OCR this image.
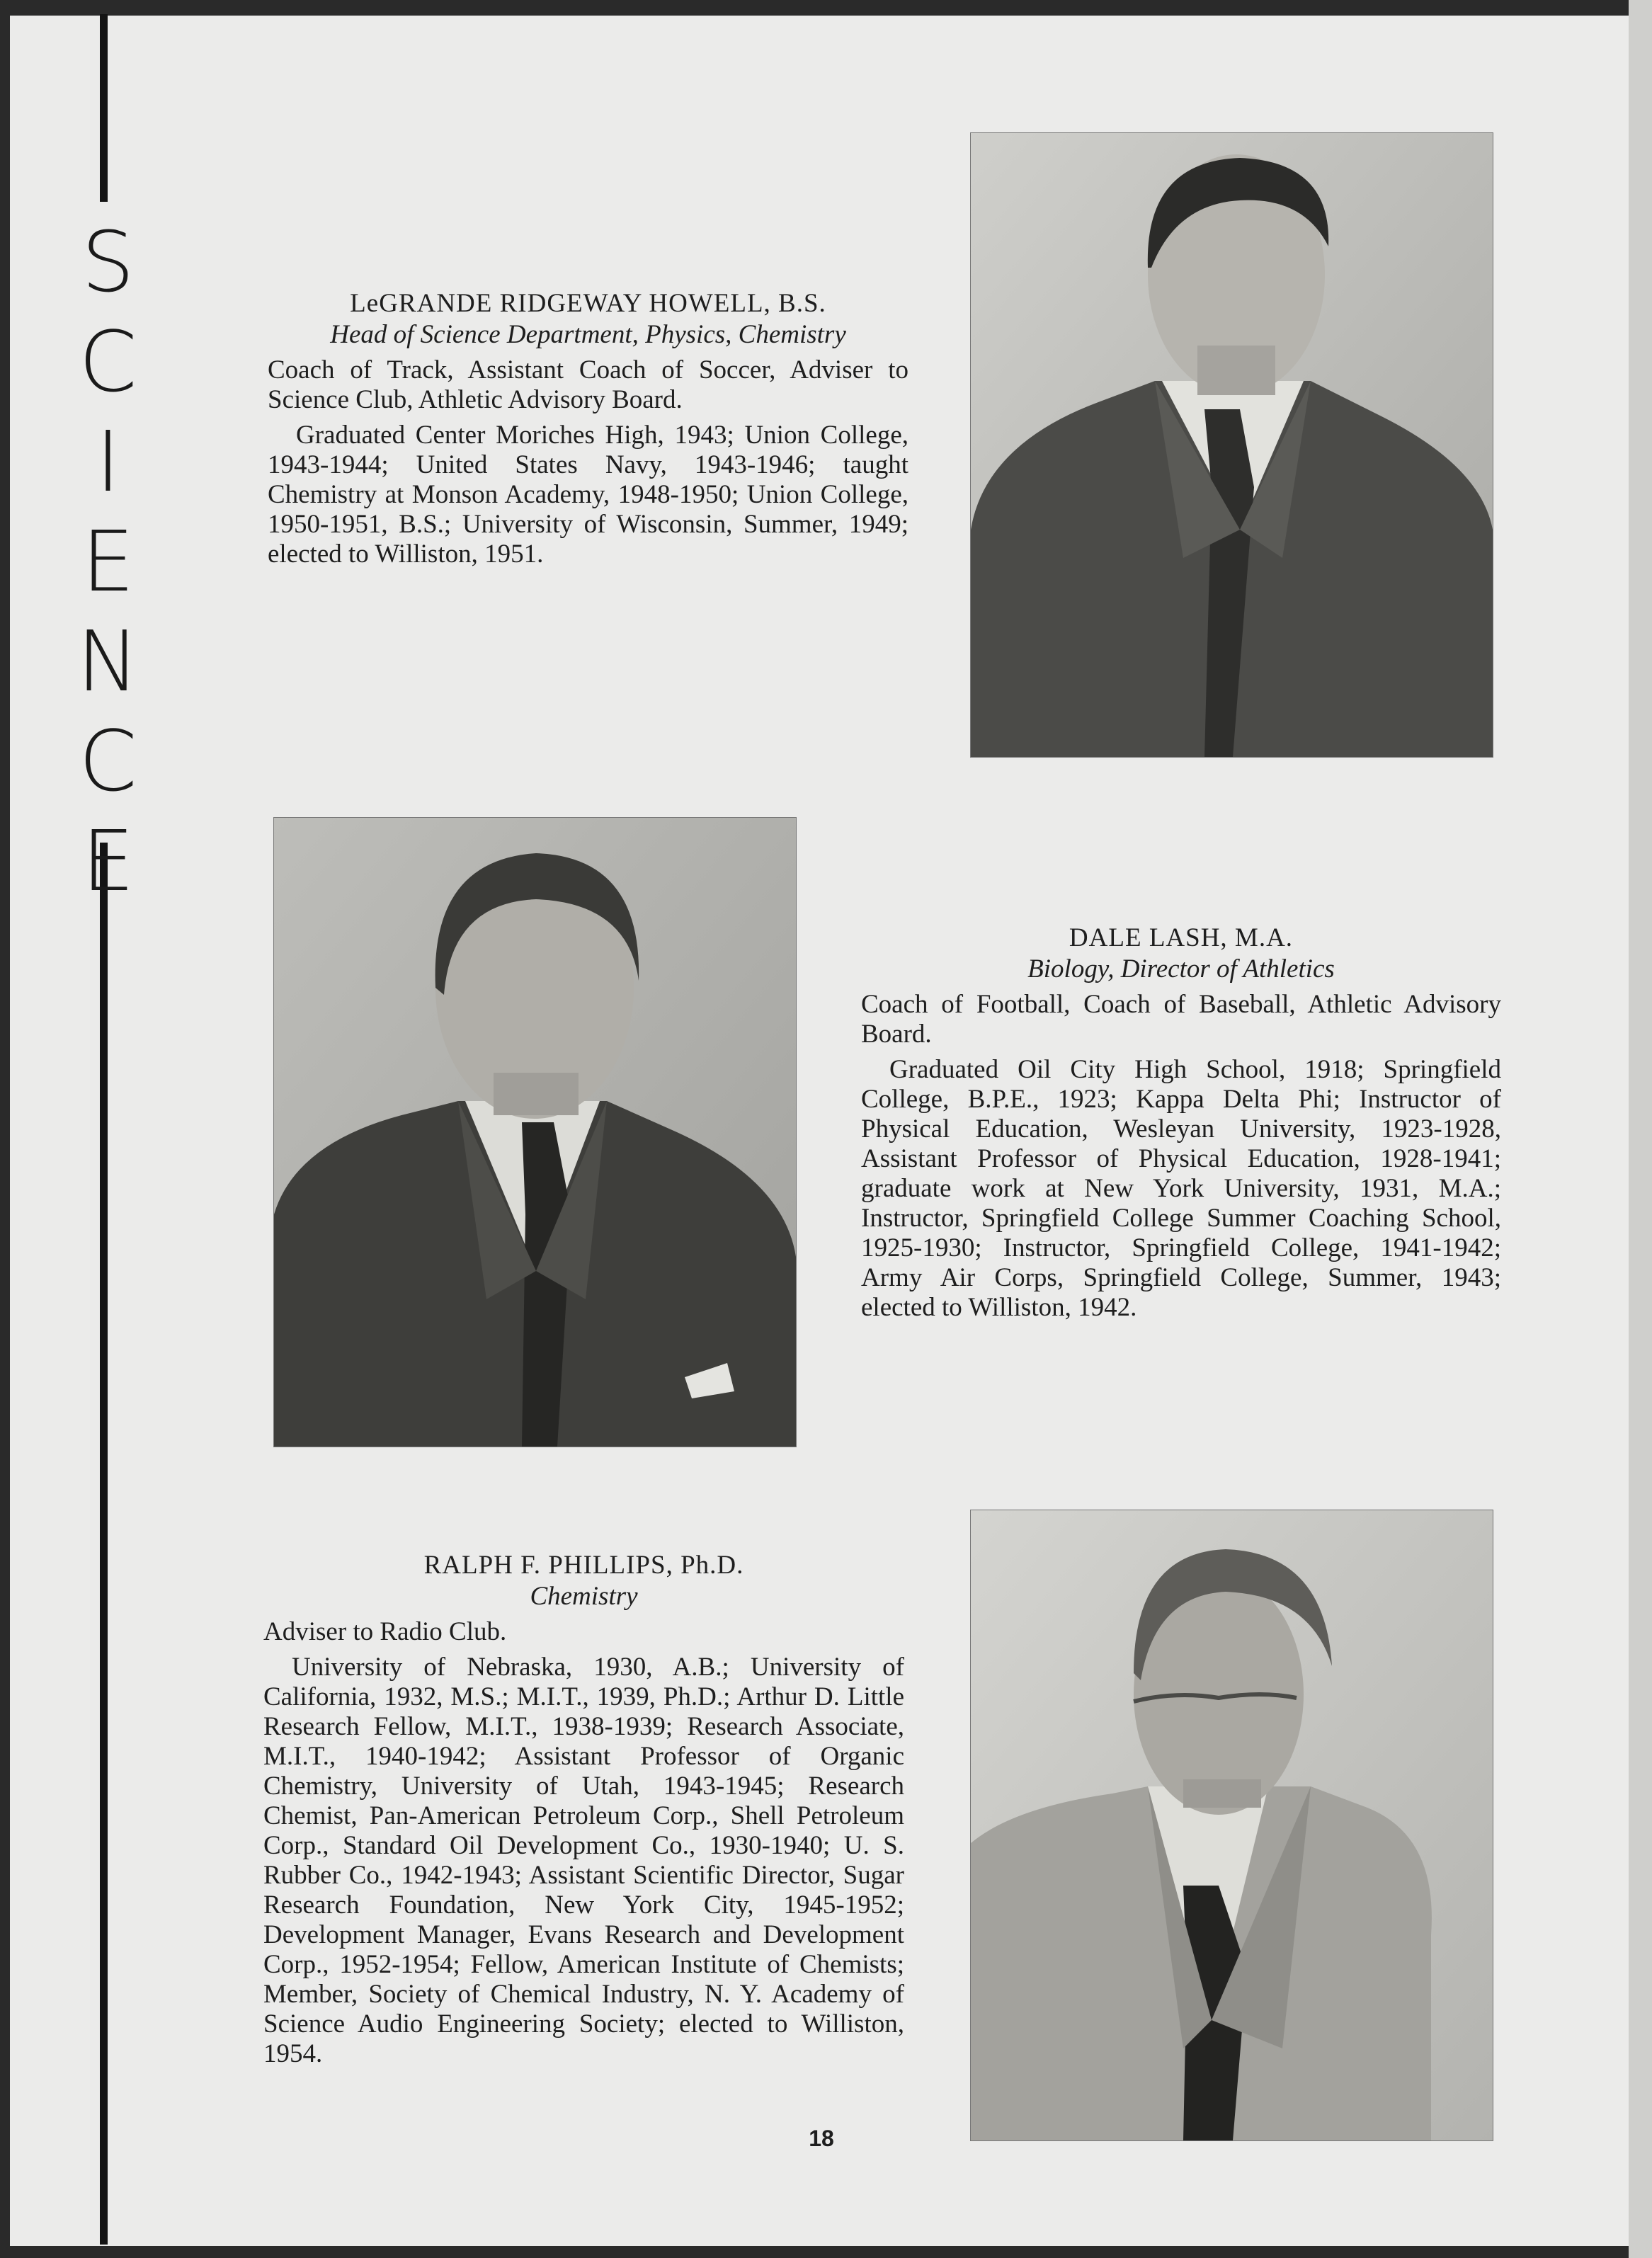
S
C
I
E
N
C
E
LeGRANDE RIDGEWAY HOWELL, B.S.
Head of Science Department, Physics, Chemistry

Coach of Track, Assistant Coach of Soccer, Adviser to Science Club, Athletic Advisory Board.

Graduated Center Moriches High, 1943; Union College, 1943-1944; United States Navy, 1943-1946; taught Chemistry at Monson Academy, 1948-1950; Union College, 1950-1951, B.S.; University of Wisconsin, Summer, 1949; elected to Williston, 1951.

DALE LASH, M.A.
Biology, Director of Athletics

Coach of Football, Coach of Baseball, Athletic Advisory Board.

Graduated Oil City High School, 1918; Springfield College, B.P.E., 1923; Kappa Delta Phi; Instructor of Physical Education, Wesleyan University, 1923-1928, Assistant Professor of Physical Education, 1928-1941; graduate work at New York University, 1931, M.A.; Instructor, Springfield College Summer Coaching School, 1925-1930; Instructor, Springfield College, 1941-1942; Army Air Corps, Springfield College, Summer, 1943; elected to Williston, 1942.

RALPH F. PHILLIPS, Ph.D.
Chemistry

Adviser to Radio Club.

University of Nebraska, 1930, A.B.; University of California, 1932, M.S.; M.I.T., 1939, Ph.D.; Arthur D. Little Research Fellow, M.I.T., 1938-1939; Research Associate, M.I.T., 1940-1942; Assistant Professor of Organic Chemistry, University of Utah, 1943-1945; Research Chemist, Pan-American Petroleum Corp., Shell Petroleum Corp., Standard Oil Development Co., 1930-1940; U. S. Rubber Co., 1942-1943; Assistant Scientific Director, Sugar Research Foundation, New York City, 1945-1952; Development Manager, Evans Research and Development Corp., 1952-1954; Fellow, American Institute of Chemists; Member, Society of Chemical Industry, N. Y. Academy of Science Audio Engineering Society; elected to Williston, 1954.

18
